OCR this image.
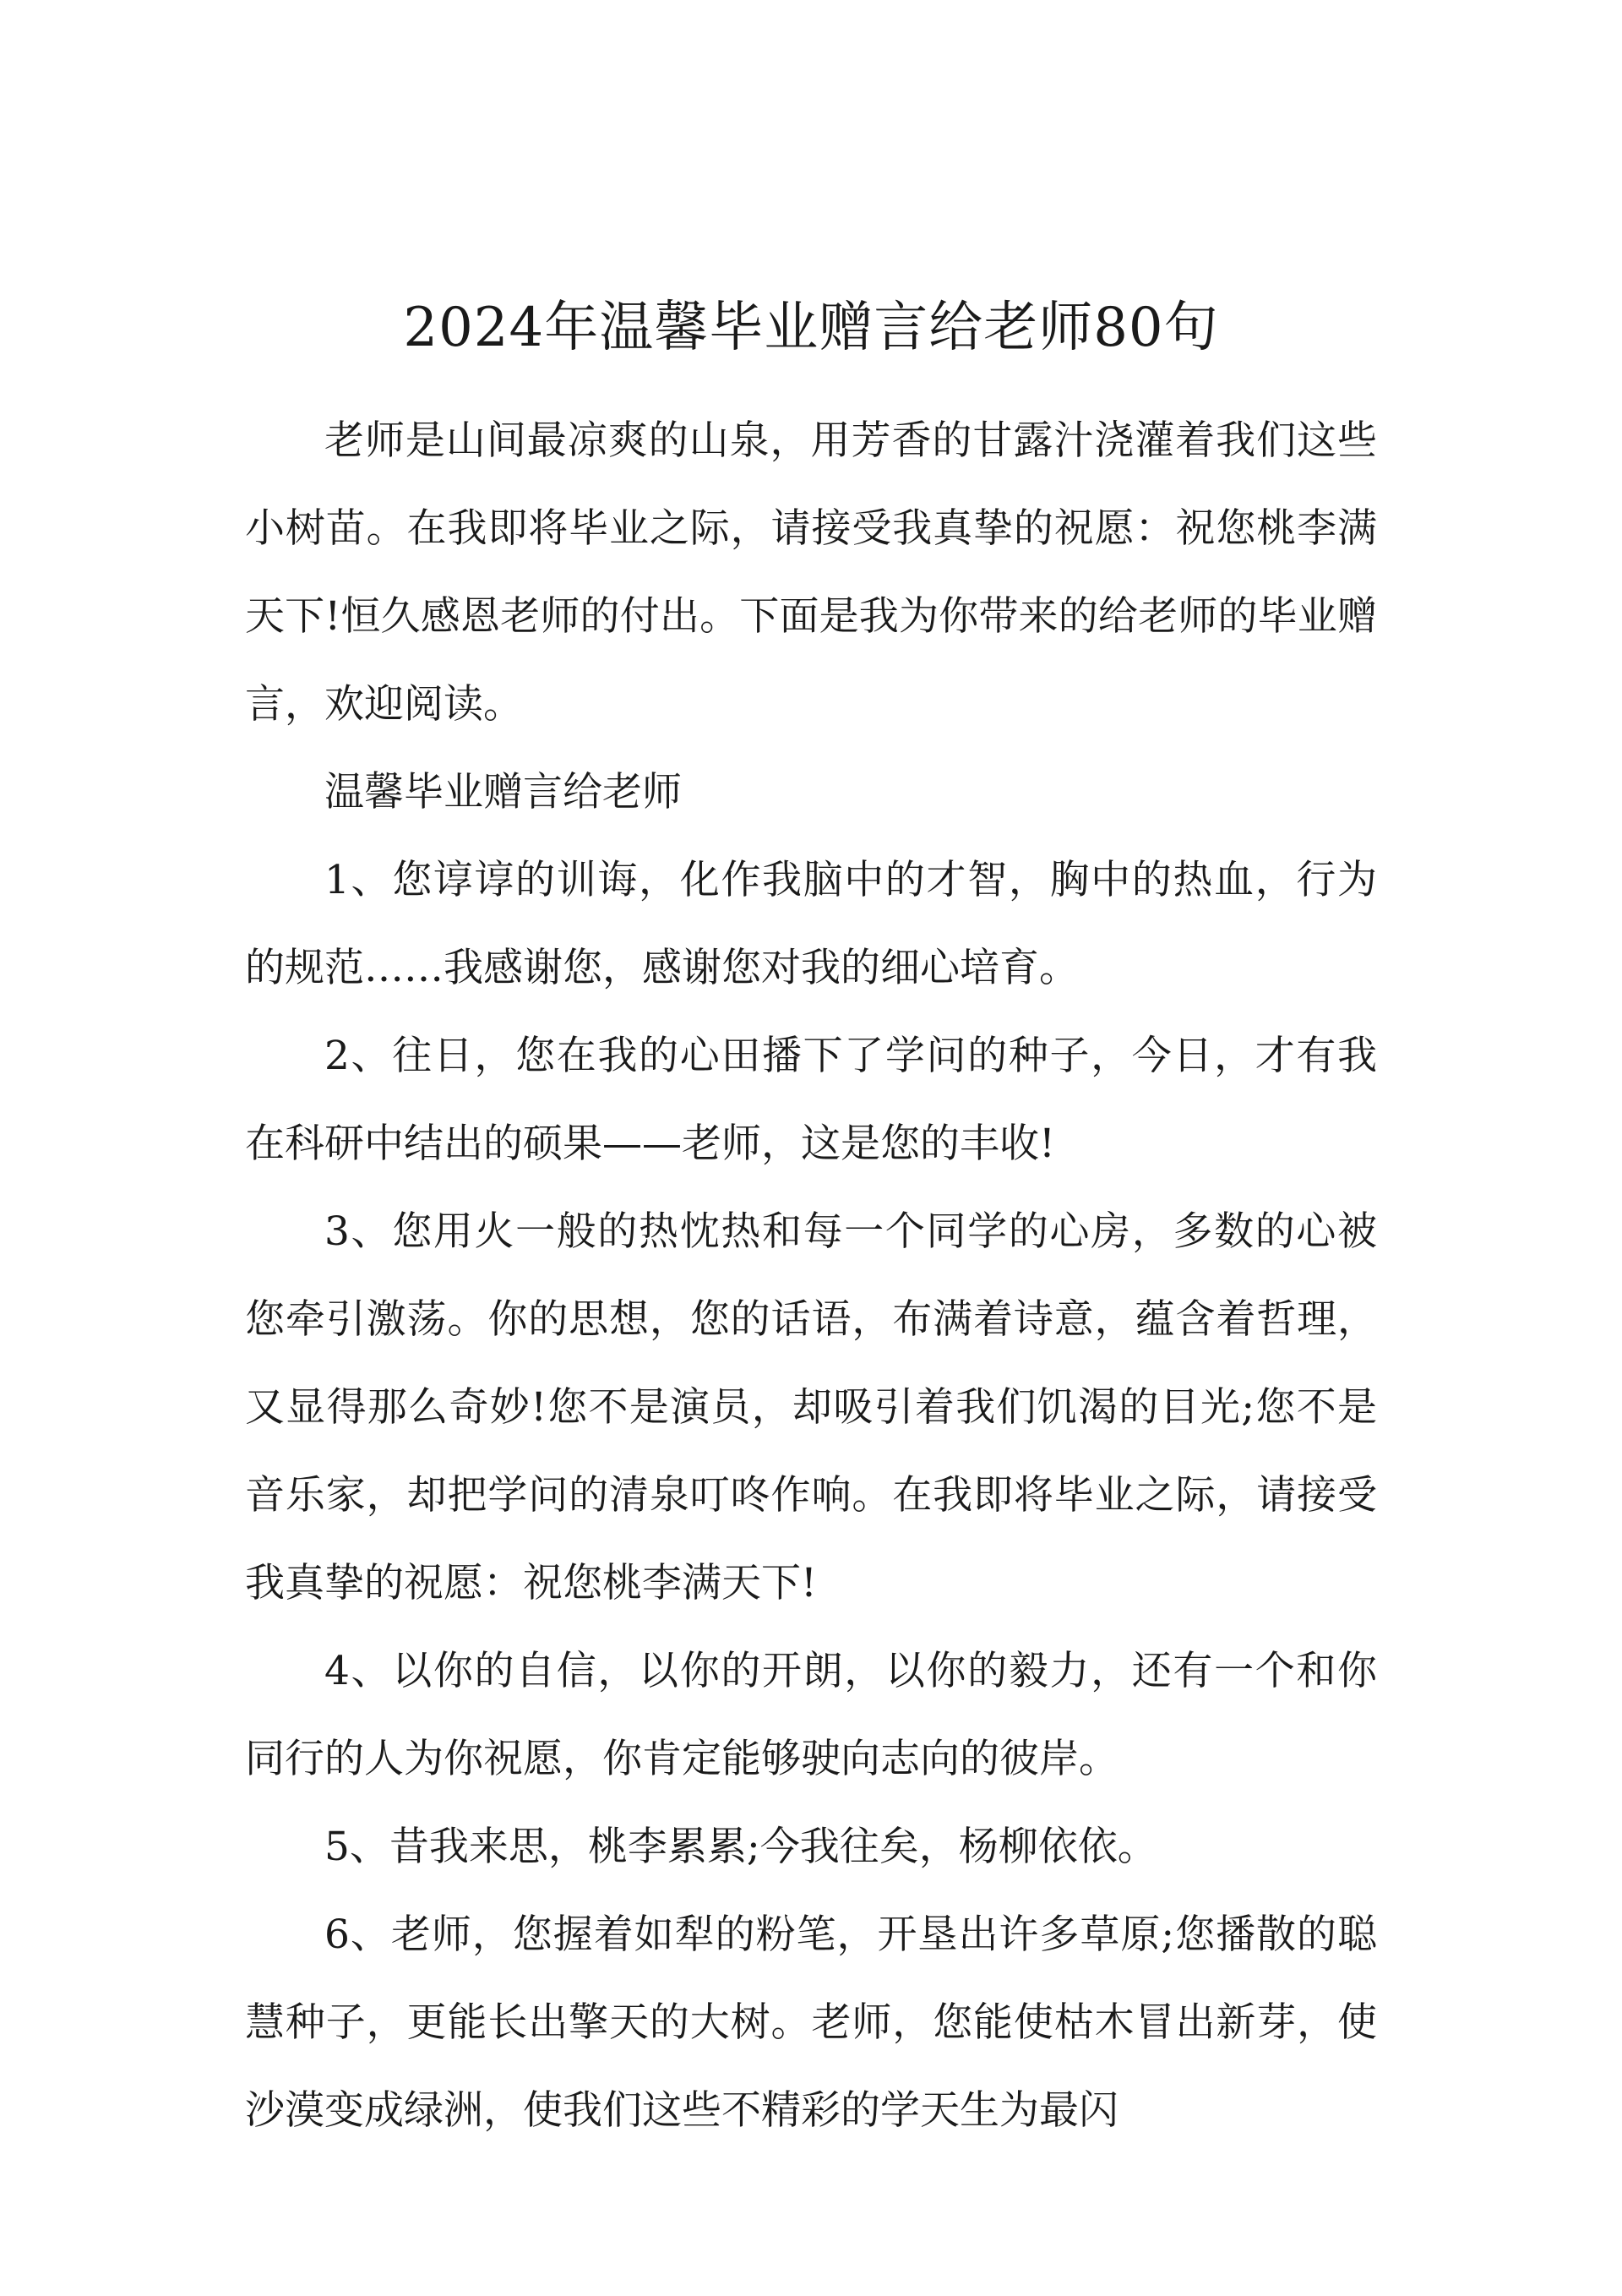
2024年温馨毕业赠言给老师80句

老师是山间最凉爽的山泉，用芳香的甘露汁浇灌着我们这些小树苗。在我即将毕业之际，请接受我真挚的祝愿：祝您桃李满天下!恒久感恩老师的付出。下面是我为你带来的给老师的毕业赠言，欢迎阅读。

温馨毕业赠言给老师

1、您谆谆的训诲，化作我脑中的才智，胸中的热血，行为的规范……我感谢您，感谢您对我的细心培育。

2、往日，您在我的心田播下了学问的种子，今日，才有我在科研中结出的硕果——老师，这是您的丰收!

3、您用火一般的热忱热和每一个同学的心房，多数的心被您牵引激荡。你的思想，您的话语，布满着诗意，蕴含着哲理，又显得那么奇妙!您不是演员，却吸引着我们饥渴的目光;您不是音乐家，却把学问的清泉叮咚作响。在我即将毕业之际，请接受我真挚的祝愿：祝您桃李满天下!

4、以你的自信，以你的开朗，以你的毅力，还有一个和你同行的人为你祝愿，你肯定能够驶向志向的彼岸。

5、昔我来思，桃李累累;今我往矣，杨柳依依。

6、老师，您握着如犁的粉笔，开垦出许多草原;您播散的聪慧种子，更能长出擎天的大树。老师，您能使枯木冒出新芽，使沙漠变成绿洲，使我们这些不精彩的学天生为最闪
